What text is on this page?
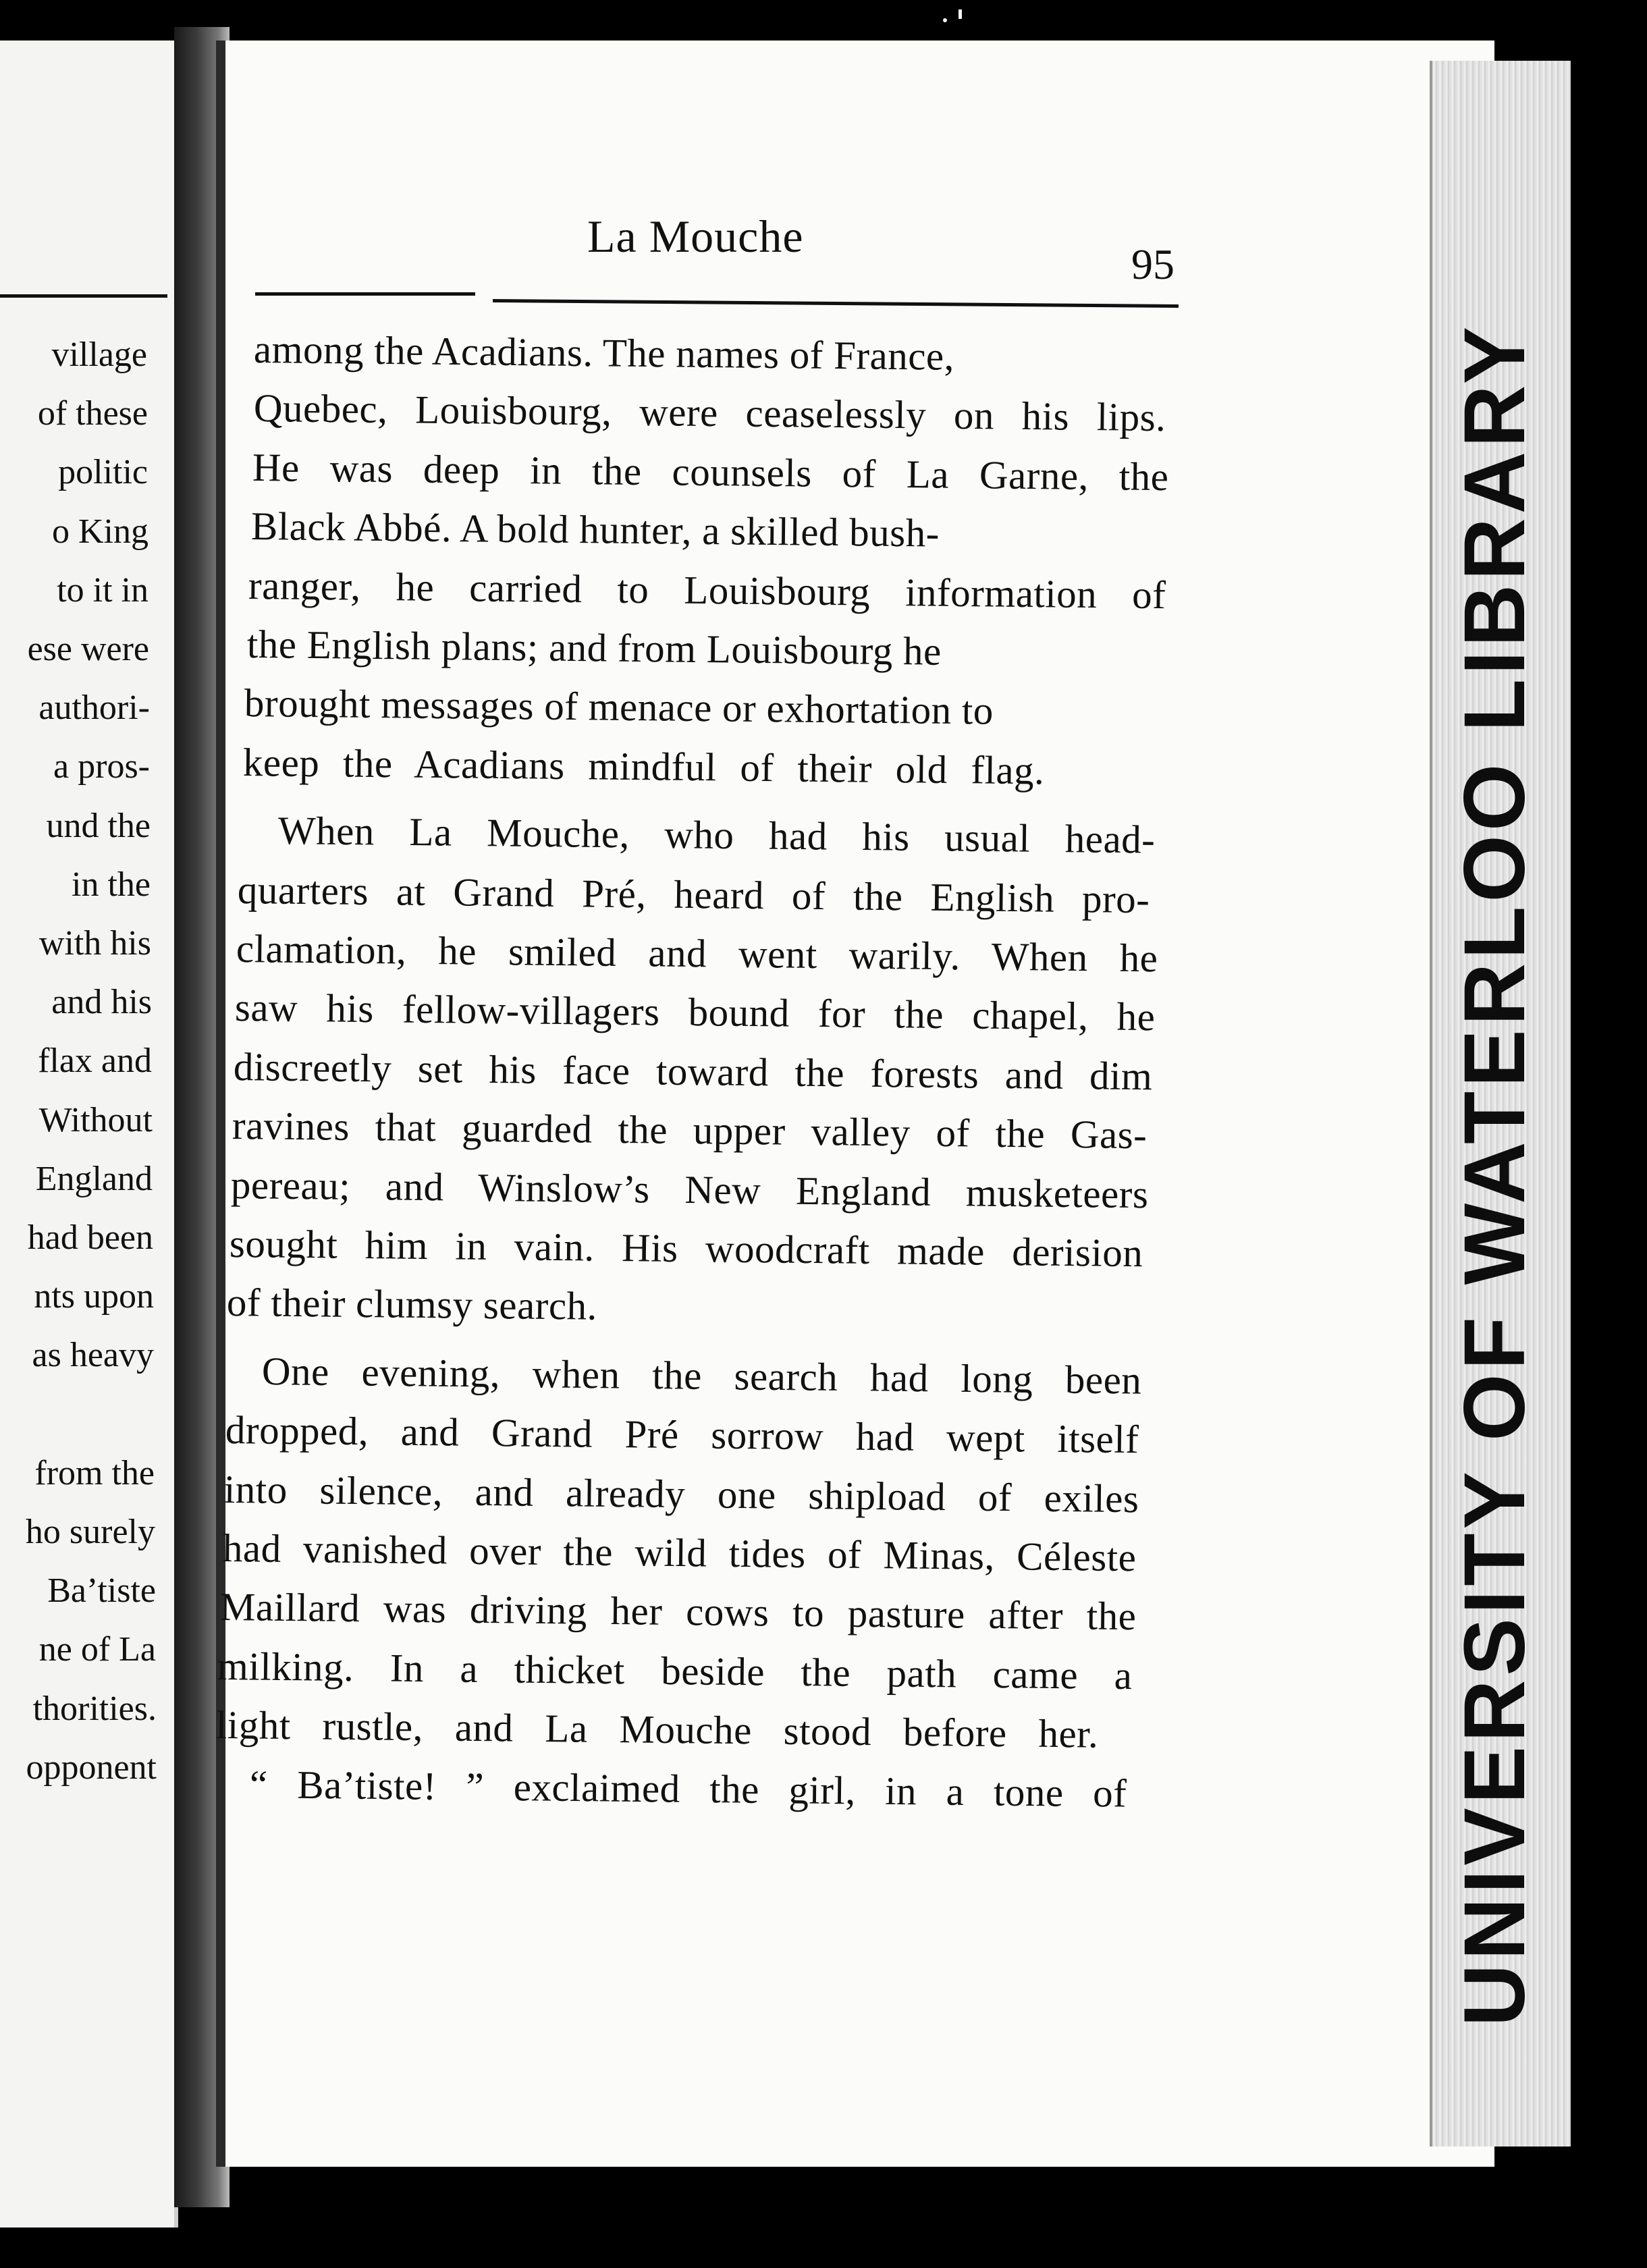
village
of these
politic
o King
to it in
ese were
authori-
a pros-
und the
in the
with his
and his
flax and
Without
England
had been
nts upon
as heavy
from the
ho surely
Ba’tiste
ne of La
thorities.
opponent
La Mouche
95
among the Acadians. The names of France,
Quebec, Louisbourg, were ceaselessly on his lips.
He was deep in the counsels of La Garne, the
Black Abbé. A bold hunter, a skilled bush-
ranger, he carried to Louisbourg information of
the English plans; and from Louisbourg he
brought messages of menace or exhortation to
keep the Acadians mindful of their old flag.
When La Mouche, who had his usual head-
quarters at Grand Pré, heard of the English pro-
clamation, he smiled and went warily. When he
saw his fellow-villagers bound for the chapel, he
discreetly set his face toward the forests and dim
ravines that guarded the upper valley of the Gas-
pereau; and Winslow’s New England musketeers
sought him in vain. His woodcraft made derision
of their clumsy search.
One evening, when the search had long been
dropped, and Grand Pré sorrow had wept itself
into silence, and already one shipload of exiles
had vanished over the wild tides of Minas, Céleste
Maillard was driving her cows to pasture after the
milking. In a thicket beside the path came a
light rustle, and La Mouche stood before her.
“ Ba’tiste! ” exclaimed the girl, in a tone of	UNIVERSITY OF WATERLOO LIBRARY
